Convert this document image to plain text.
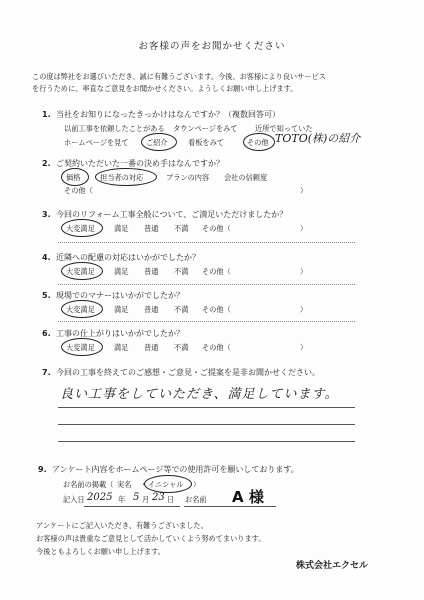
お客様の声をお聞かせください
この度は弊社をお選びいただき、誠に有難うございます。今後、お客様により良いサービス
を行うために、率直なご意見をお聞かせください。ようしくお願い申し上げます。
1. 当社をお知りになったきっかけはなんですか？（複数回答可）
以前工事を依頼したことがある タウンページをみて 近所で知っていた
ホームページを見て ご紹介	看板をみて	その他 TOTO(株)の紹介
2. ご契約いただいた一番の決め手はなんですか？
価格	担当者の対応	プランの内容 会社の信頼度
その他（	）
3. 今回のリフォーム工事全般について、ご満足いただけましたか？
大変満足	満足 普通 不満 その他（	）
4. 近隣への配慮の対応はいかがでしたか？
大変満足	満足 普通 不満 その他（	）
5. 現場でのマナーはいかがでしたか？
大変満足	満足 普通 不満 その他（	）
6. 工事の仕上がりはいかがでしたか？
大変満足	満足 普通 不満 その他（	）
7. 今回の工事を終えてのご感想・ご意見・ご提案を是非お聞かせください。
良い工事をしていただき、満足しています。
9. アンケート内容をホームページ等での使用許可を願いしております。
お名前の掲載（ 実名 ・ イニシャル ）
記入日 2025 年 5 月 23 日 お名前 A 様
アンケートにご記入いただき、有難うございました。
お客様の声は貴重なご意見として活かしていくよう努めてまいります。
今後ともよろしくお願い申し上げます。
株式会社エクセル
